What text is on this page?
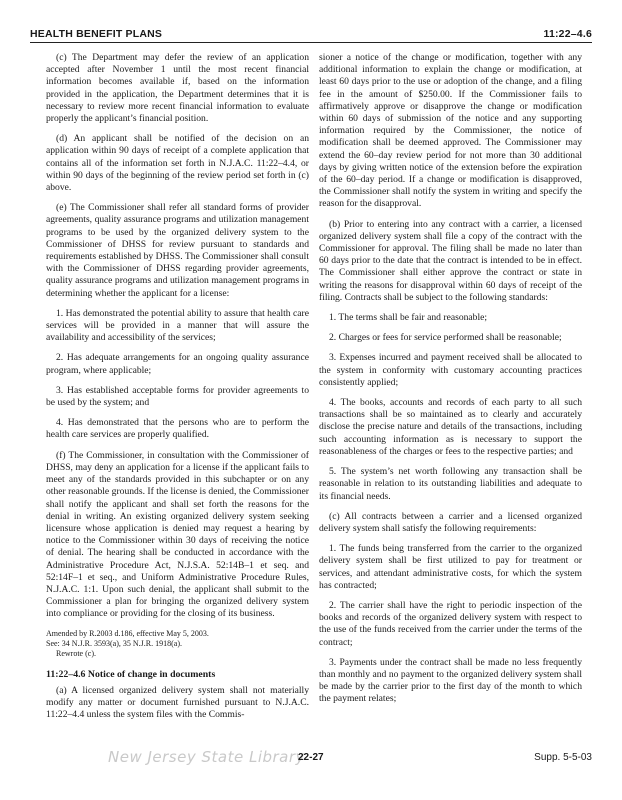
HEALTH BENEFIT PLANS	11:22–4.6

(c) The Department may defer the review of an application accepted after November 1 until the most recent financial information becomes available if, based on the information provided in the application, the Department determines that it is necessary to review more recent financial information to evaluate properly the applicant’s financial position.

(d) An applicant shall be notified of the decision on an application within 90 days of receipt of a complete application that contains all of the information set forth in N.J.A.C. 11:22–4.4, or within 90 days of the beginning of the review period set forth in (c) above.

(e) The Commissioner shall refer all standard forms of provider agreements, quality assurance programs and utilization management programs to be used by the organized delivery system to the Commissioner of DHSS for review pursuant to standards and requirements established by DHSS. The Commissioner shall consult with the Commissioner of DHSS regarding provider agreements, quality assurance programs and utilization management programs in determining whether the applicant for a license:

1. Has demonstrated the potential ability to assure that health care services will be provided in a manner that will assure the availability and accessibility of the services;

2. Has adequate arrangements for an ongoing quality assurance program, where applicable;

3. Has established acceptable forms for provider agreements to be used by the system; and

4. Has demonstrated that the persons who are to perform the health care services are properly qualified.

(f) The Commissioner, in consultation with the Commissioner of DHSS, may deny an application for a license if the applicant fails to meet any of the standards provided in this subchapter or on any other reasonable grounds. If the license is denied, the Commissioner shall notify the applicant and shall set forth the reasons for the denial in writing. An existing organized delivery system seeking licensure whose application is denied may request a hearing by notice to the Commissioner within 30 days of receiving the notice of denial. The hearing shall be conducted in accordance with the Administrative Procedure Act, N.J.S.A. 52:14B–1 et seq. and 52:14F–1 et seq., and Uniform Administrative Procedure Rules, N.J.A.C. 1:1. Upon such denial, the applicant shall submit to the Commissioner a plan for bringing the organized delivery system into compliance or providing for the closing of its business.

Amended by R.2003 d.186, effective May 5, 2003.

See: 34 N.J.R. 3593(a), 35 N.J.R. 1918(a).

Rewrote (c).

11:22–4.6 Notice of change in documents

(a) A licensed organized delivery system shall not materially modify any matter or document furnished pursuant to N.J.A.C. 11:22–4.4 unless the system files with the Commis-

sioner a notice of the change or modification, together with any additional information to explain the change or modification, at least 60 days prior to the use or adoption of the change, and a filing fee in the amount of $250.00. If the Commissioner fails to affirmatively approve or disapprove the change or modification within 60 days of submission of the notice and any supporting information required by the Commissioner, the notice of modification shall be deemed approved. The Commissioner may extend the 60–day review period for not more than 30 additional days by giving written notice of the extension before the expiration of the 60–day period. If a change or modification is disapproved, the Commissioner shall notify the system in writing and specify the reason for the disapproval.

(b) Prior to entering into any contract with a carrier, a licensed organized delivery system shall file a copy of the contract with the Commissioner for approval. The filing shall be made no later than 60 days prior to the date that the contract is intended to be in effect. The Commissioner shall either approve the contract or state in writing the reasons for disapproval within 60 days of receipt of the filing. Contracts shall be subject to the following standards:

1. The terms shall be fair and reasonable;

2. Charges or fees for service performed shall be reasonable;

3. Expenses incurred and payment received shall be allocated to the system in conformity with customary accounting practices consistently applied;

4. The books, accounts and records of each party to all such transactions shall be so maintained as to clearly and accurately disclose the precise nature and details of the transactions, including such accounting information as is necessary to support the reasonableness of the charges or fees to the respective parties; and

5. The system’s net worth following any transaction shall be reasonable in relation to its outstanding liabilities and adequate to its financial needs.

(c) All contracts between a carrier and a licensed organized delivery system shall satisfy the following requirements:

1. The funds being transferred from the carrier to the organized delivery system shall be first utilized to pay for treatment or services, and attendant administrative costs, for which the system has contracted;

2. The carrier shall have the right to periodic inspection of the books and records of the organized delivery system with respect to the use of the funds received from the carrier under the terms of the contract;

3. Payments under the contract shall be made no less frequently than monthly and no payment to the organized delivery system shall be made by the carrier prior to the first day of the month to which the payment relates;

New Jersey State Library
22-27	Supp. 5-5-03
